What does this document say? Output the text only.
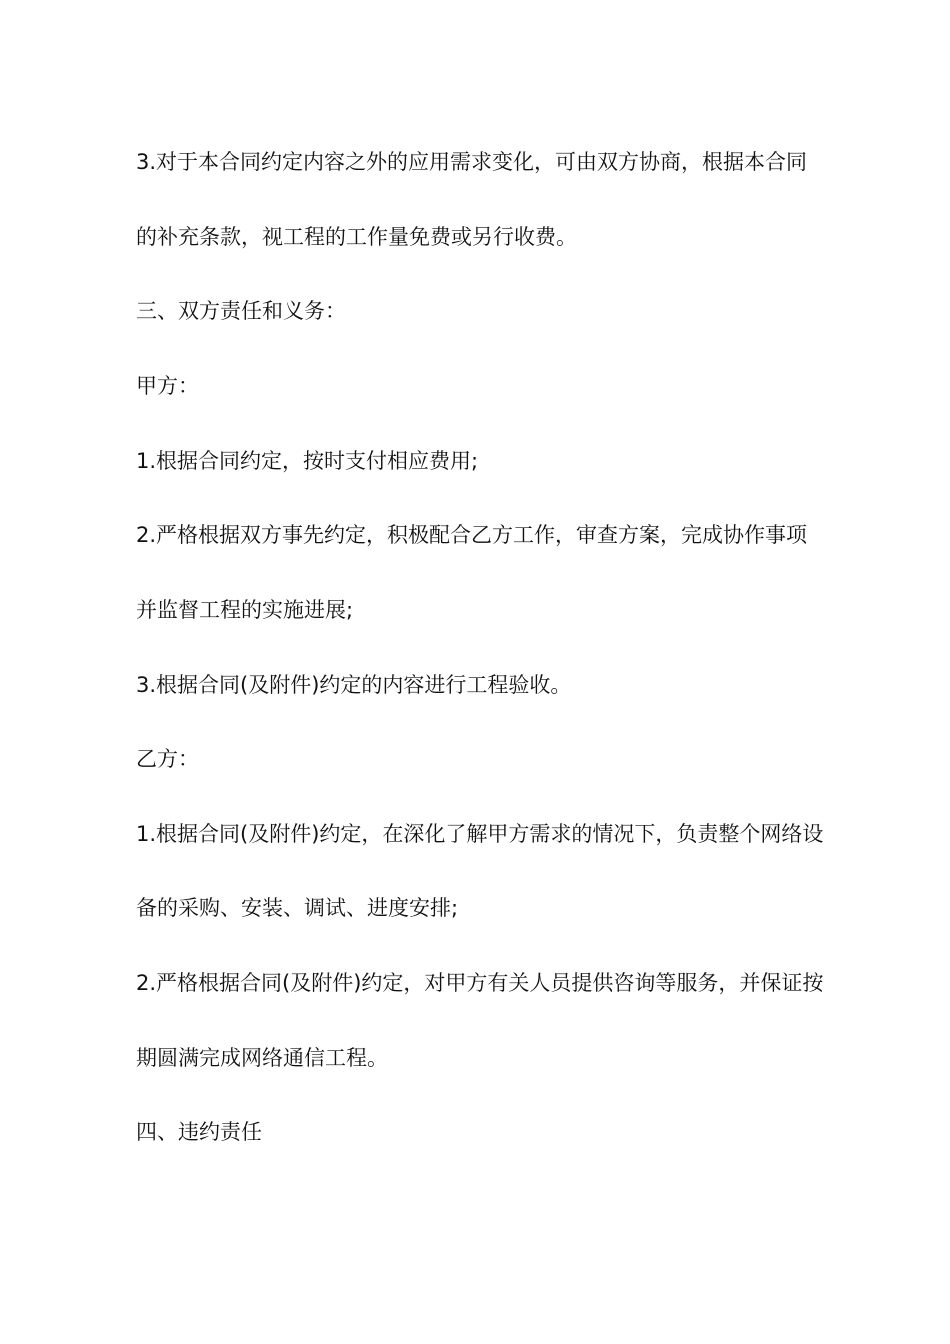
3.对于本合同约定内容之外的应用需求变化，可由双方协商，根据本合同
的补充条款，视工程的工作量免费或另行收费。
三、双方责任和义务：
甲方：
1.根据合同约定，按时支付相应费用;
2.严格根据双方事先约定，积极配合乙方工作，审查方案，完成协作事项
并监督工程的实施进展;
3.根据合同(及附件)约定的内容进行工程验收。
乙方：
1.根据合同(及附件)约定，在深化了解甲方需求的情况下，负责整个网络设
备的采购、安装、调试、进度安排;
2.严格根据合同(及附件)约定，对甲方有关人员提供咨询等服务，并保证按
期圆满完成网络通信工程。
四、违约责任
